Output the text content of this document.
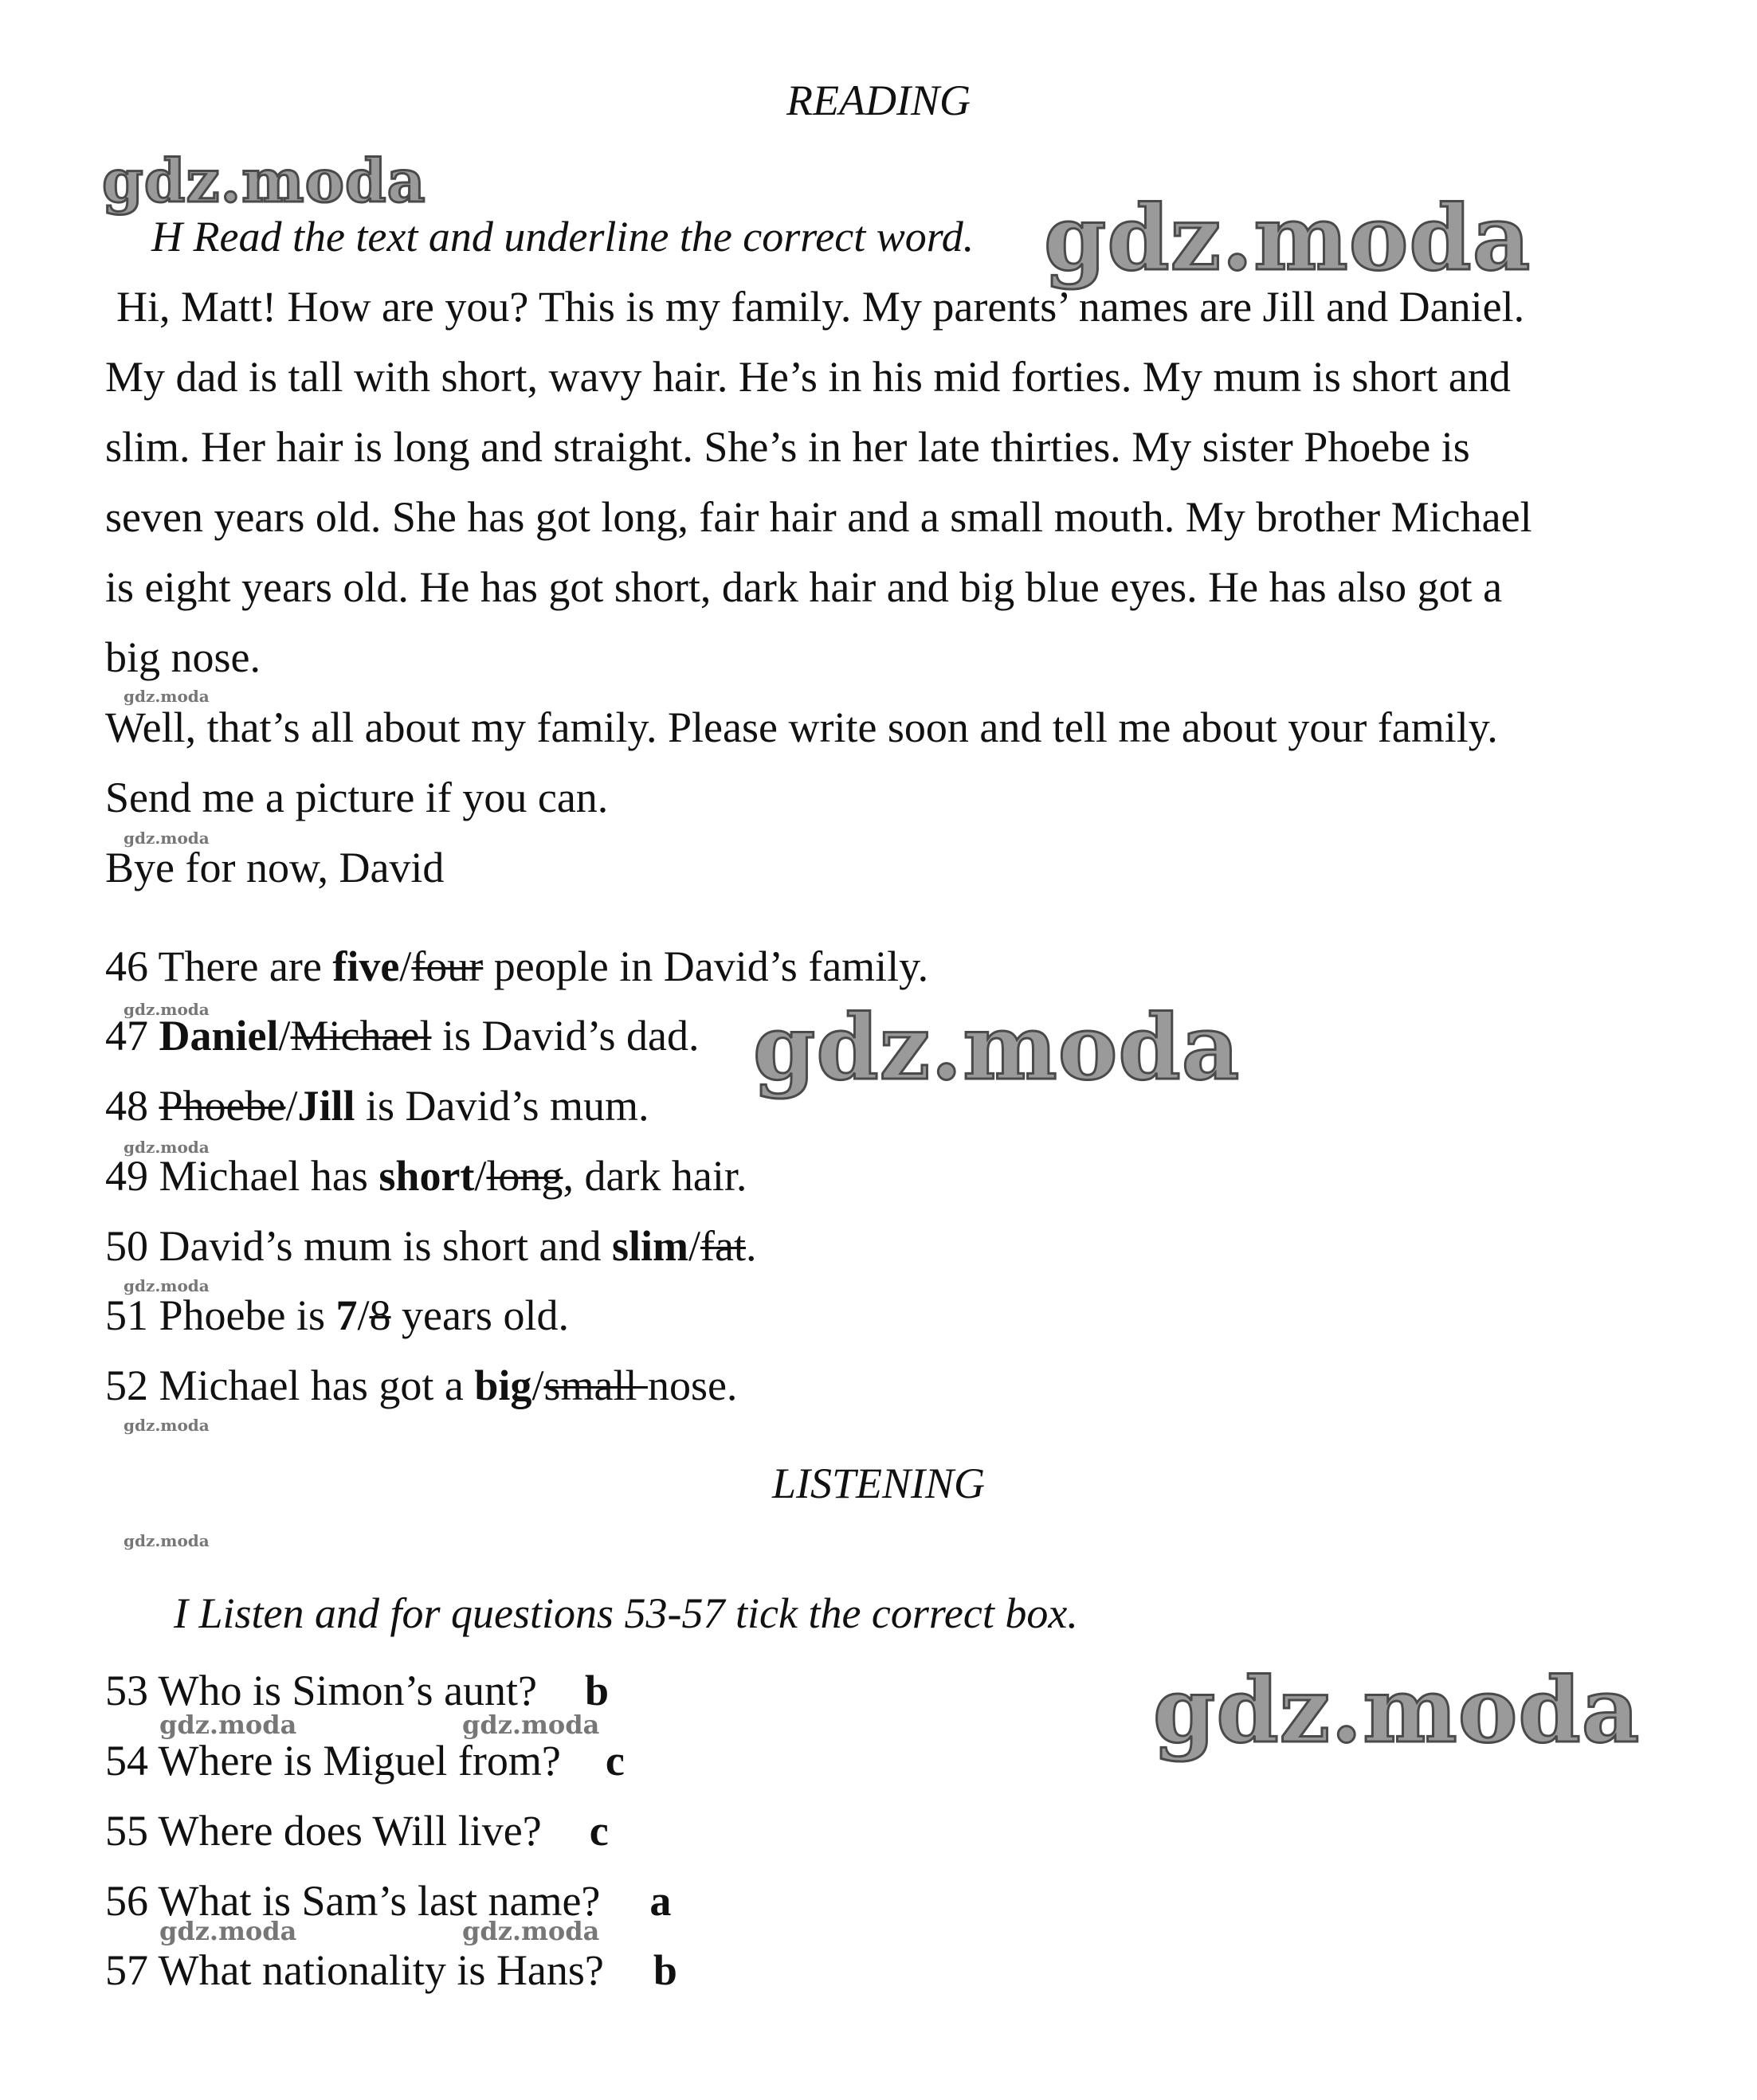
READING
H Read the text and underline the correct word.
Hi, Matt! How are you? This is my family. My parents’ names are Jill and Daniel.
My dad is tall with short, wavy hair. He’s in his mid forties. My mum is short and
slim. Her hair is long and straight. She’s in her late thirties. My sister Phoebe is
seven years old. She has got long, fair hair and a small mouth. My brother Michael
is eight years old. He has got short, dark hair and big blue eyes. He has also got a
big nose.
Well, that’s all about my family. Please write soon and tell me about your family.
Send me a picture if you can.
Bye for now, David
46 There are five/four people in David’s family.
47 Daniel/Michael is David’s dad.
48 Phoebe/Jill is David’s mum.
49 Michael has short/long, dark hair.
50 David’s mum is short and slim/fat.
51 Phoebe is 7/8 years old.
52 Michael has got a big/small nose.
LISTENING
I Listen and for questions 53-57 tick the correct box.
53 Who is Simon’s aunt? b
54 Where is Miguel from? c
55 Where does Will live? c
56 What is Sam’s last name? a
57 What nationality is Hans? b
gdz.moda
gdz.moda
gdz.moda
gdz.moda
gdz.moda
gdz.moda
gdz.moda
gdz.moda
gdz.moda
gdz.moda
gdz.moda
gdz.moda	gdz.moda
gdz.moda	gdz.moda
